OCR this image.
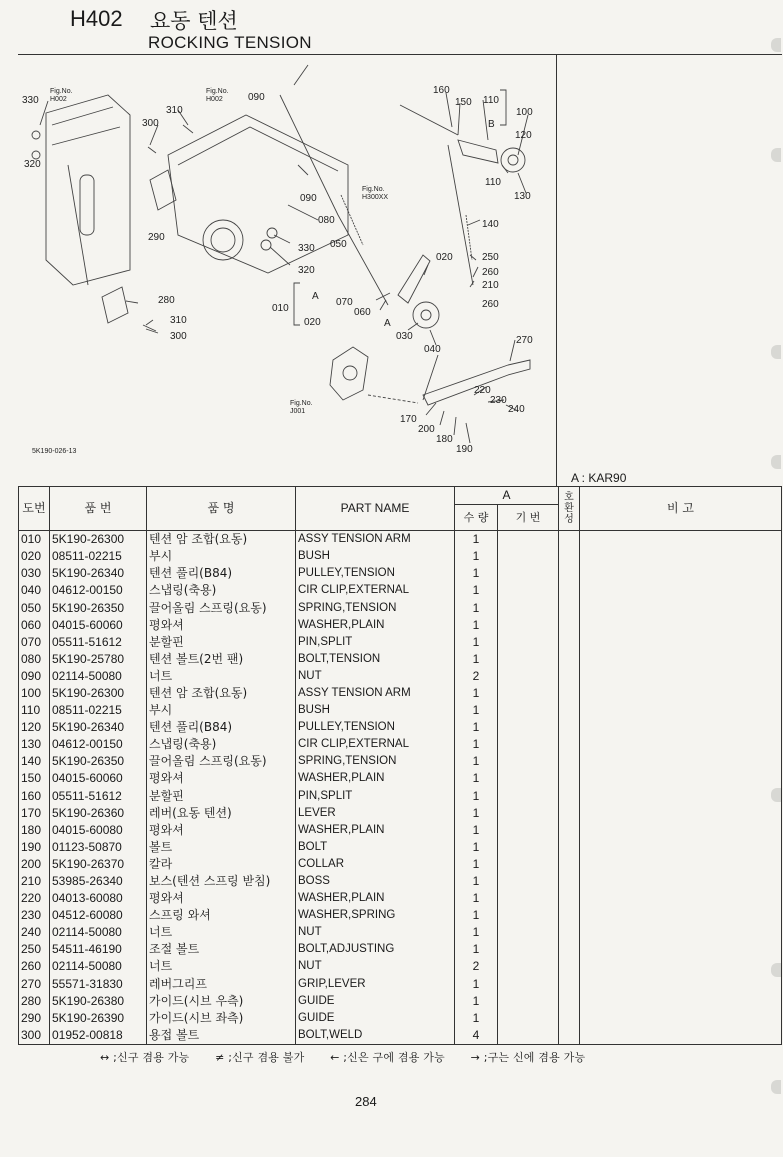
H402 요동 텐션
ROCKING TENSION
330
310
300
320
290
280
310
300
090
090
080
050
330
320
070
060
010
020
030
040
020
160
150 110
100
120
110
130
140
250
260
210
260
270
220
230
240
170
200
180
190
A
B
A
Fig.No.
H002
Fig.No.
H002
Fig.No.
H300XX
Fig.No.
J001
5K190-026-13
A : KAR90
도번	품 번	품 명	PART NAME	A		호 환 성	비 고
				수 량	기 번		
010	5K190-26300	텐션 암 조합(요동)	ASSY TENSION ARM	1			
020	08511-02215	부시	BUSH	1			
030	5K190-26340	텐션 풀리(B84)	PULLEY,TENSION	1			
040	04612-00150	스냅링(축용)	CIR CLIP,EXTERNAL	1			
050	5K190-26350	끌어올림 스프링(요동)	SPRING,TENSION	1			
060	04015-60060	평와셔	WASHER,PLAIN	1			
070	05511-51612	분할핀	PIN,SPLIT	1			
080	5K190-25780	텐션 볼트(2번 팬)	BOLT,TENSION	1			
090	02114-50080	너트	NUT	2			
100	5K190-26300	텐션 암 조합(요동)	ASSY TENSION ARM	1			
110	08511-02215	부시	BUSH	1			
120	5K190-26340	텐션 풀리(B84)	PULLEY,TENSION	1			
130	04612-00150	스냅링(축용)	CIR CLIP,EXTERNAL	1			
140	5K190-26350	끌어올림 스프링(요동)	SPRING,TENSION	1			
150	04015-60060	평와셔	WASHER,PLAIN	1			
160	05511-51612	분할핀	PIN,SPLIT	1			
170	5K190-26360	레버(요동 텐션)	LEVER	1			
180	04015-60080	평와셔	WASHER,PLAIN	1			
190	01123-50870	볼트	BOLT	1			
200	5K190-26370	칼라	COLLAR	1			
210	53985-26340	보스(텐션 스프링 받침)	BOSS	1			
220	04013-60080	평와셔	WASHER,PLAIN	1			
230	04512-60080	스프링 와셔	WASHER,SPRING	1			
240	02114-50080	너트	NUT	1			
250	54511-46190	조절 볼트	BOLT,ADJUSTING	1			
260	02114-50080	너트	NUT	2			
270	55571-31830	레버그리프	GRIP,LEVER	1			
280	5K190-26380	가이드(시브 우측)	GUIDE	1			
290	5K190-26390	가이드(시브 좌측)	GUIDE	1			
300	01952-00818	용접 볼트	BOLT,WELD	4			
↔ ;신구 겸용 가능 ≠ ;신구 겸용 불가 ← ;신은 구에 겸용 가능 → ;구는 신에 겸용 가능
284
